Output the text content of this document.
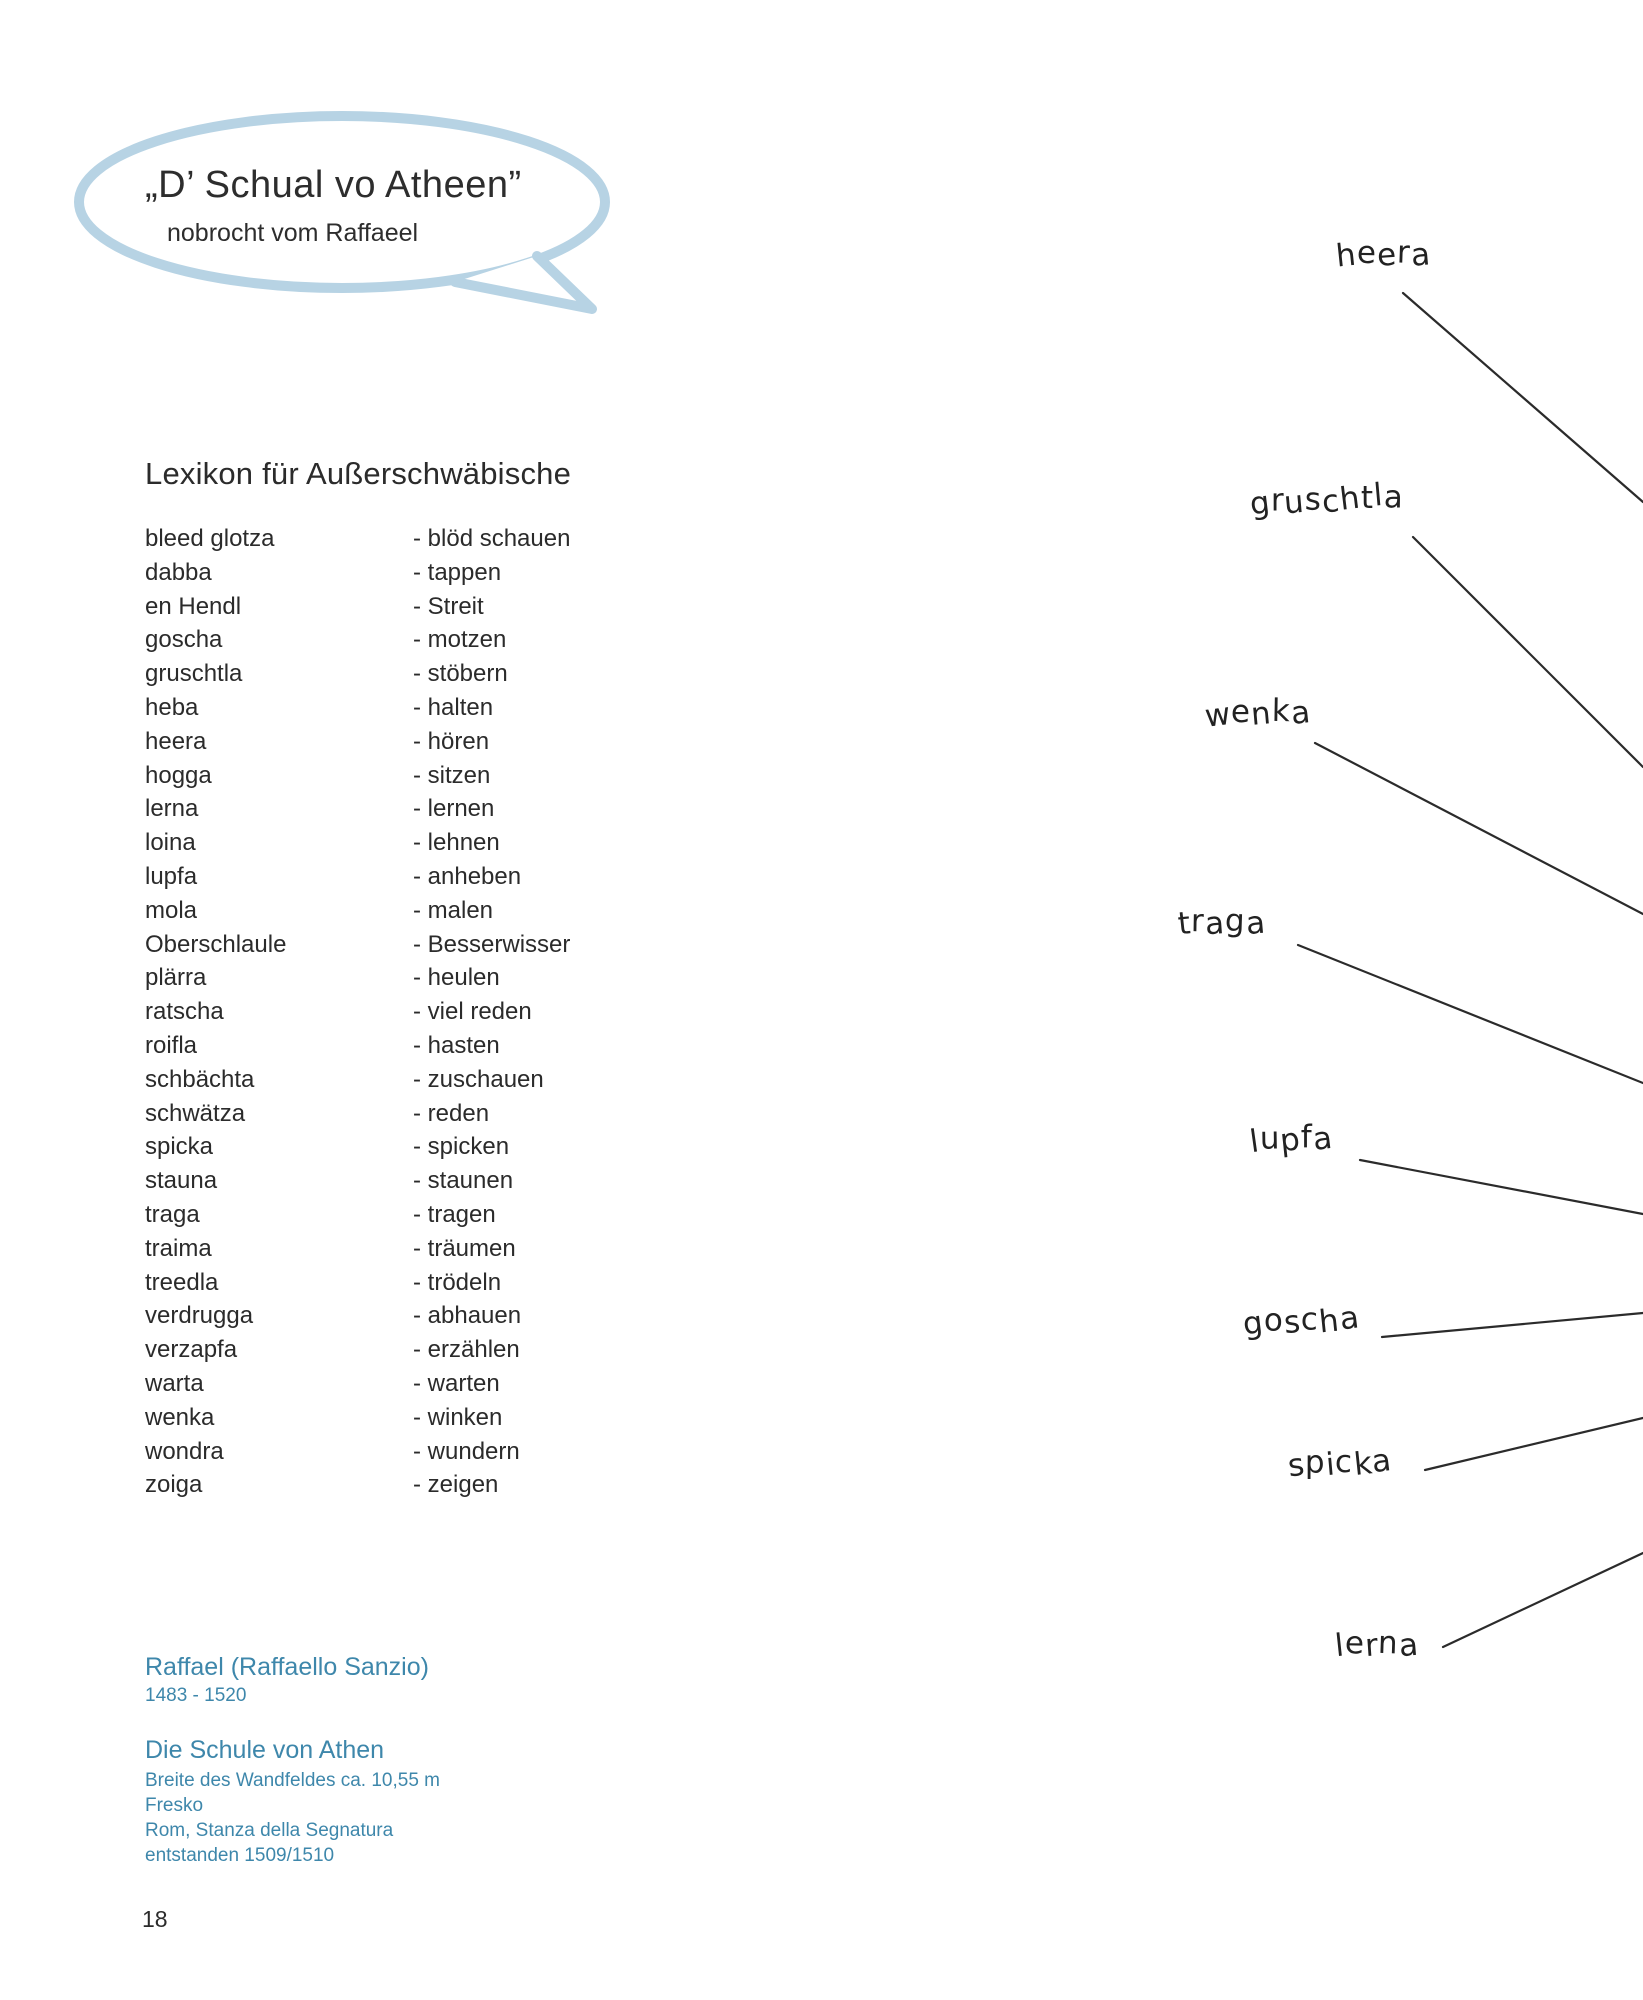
„D’ Schual vo Atheen”
nobrocht vom Raffaeel
Lexikon für Außerschwäbische
bleed glotza	- blöd schauen
dabba	- tappen
en Hendl	- Streit
goscha	- motzen
gruschtla	- stöbern
heba	- halten
heera	- hören
hogga	- sitzen
lerna	- lernen
loina	- lehnen
lupfa	- anheben
mola	- malen
Oberschlaule	- Besserwisser
plärra	- heulen
ratscha	- viel reden
roifla	- hasten
schbächta	- zuschauen
schwätza	- reden
spicka	- spicken
stauna	- staunen
traga	- tragen
traima	- träumen
treedla	- trödeln
verdrugga	- abhauen
verzapfa	- erzählen
warta	- warten
wenka	- winken
wondra	- wundern
zoiga	- zeigen
Raffael (Raffaello Sanzio)
1483 - 1520
Die Schule von Athen
Breite des Wandfeldes ca. 10,55 m
Fresko
Rom, Stanza della Segnatura
entstanden 1509/1510
18
heera
gruschtla
wenka
traga
lupfa
goscha
spicka
lerna
